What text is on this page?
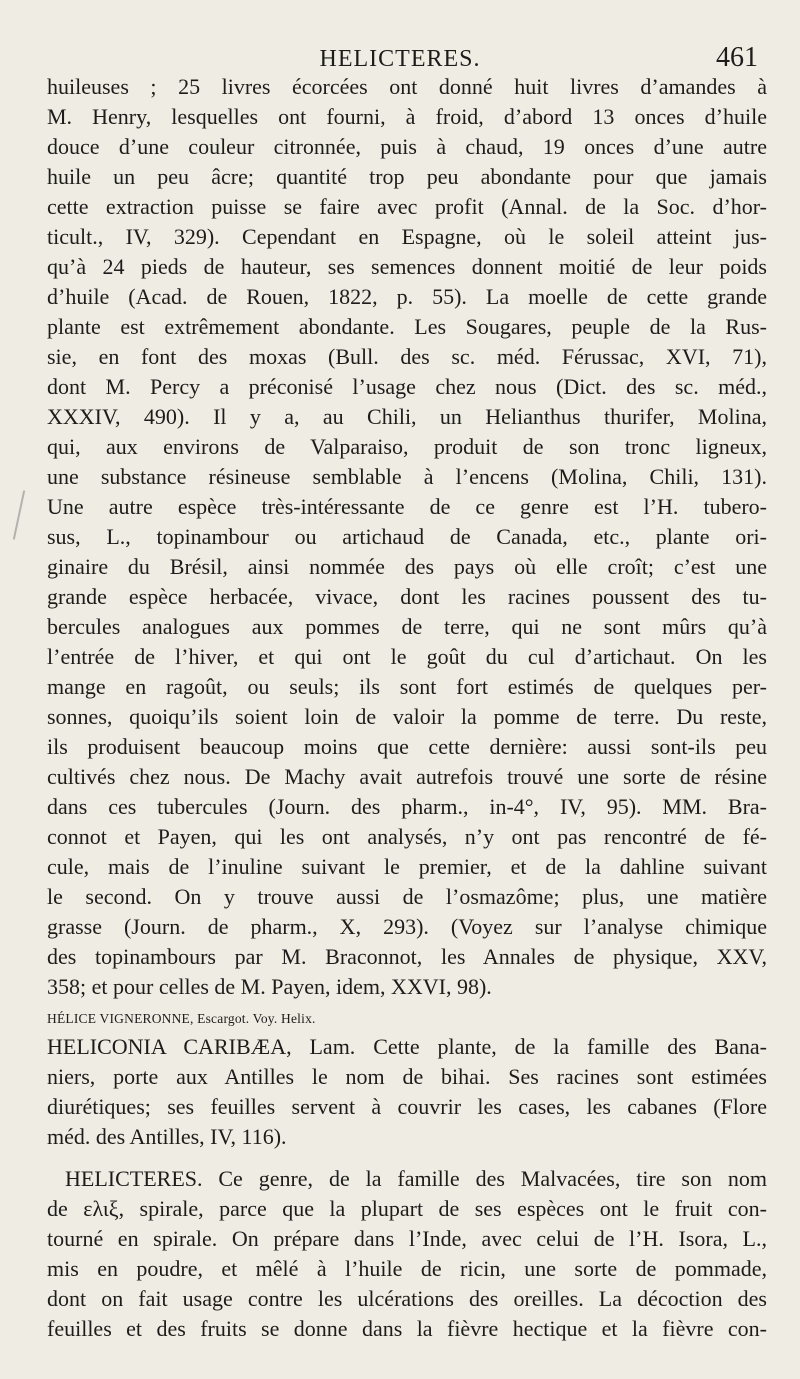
HELICTERES.	461
huileuses ; 25 livres écorcées ont donné huit livres d’amandes à
M. Henry, lesquelles ont fourni, à froid, d’abord 13 onces d’huile
douce d’une couleur citronnée, puis à chaud, 19 onces d’une autre
huile un peu âcre; quantité trop peu abondante pour que jamais
cette extraction puisse se faire avec profit (Annal. de la Soc. d’hor-
ticult., IV, 329). Cependant en Espagne, où le soleil atteint jus-
qu’à 24 pieds de hauteur, ses semences donnent moitié de leur poids
d’huile (Acad. de Rouen, 1822, p. 55). La moelle de cette grande
plante est extrêmement abondante. Les Sougares, peuple de la Rus-
sie, en font des moxas (Bull. des sc. méd. Férussac, XVI, 71),
dont M. Percy a préconisé l’usage chez nous (Dict. des sc. méd.,
XXXIV, 490). Il y a, au Chili, un Helianthus thurifer, Molina,
qui, aux environs de Valparaiso, produit de son tronc ligneux,
une substance résineuse semblable à l’encens (Molina, Chili, 131).
Une autre espèce très-intéressante de ce genre est l’H. tubero-
sus, L., topinambour ou artichaud de Canada, etc., plante ori-
ginaire du Brésil, ainsi nommée des pays où elle croît; c’est une
grande espèce herbacée, vivace, dont les racines poussent des tu-
bercules analogues aux pommes de terre, qui ne sont mûrs qu’à
l’entrée de l’hiver, et qui ont le goût du cul d’artichaut. On les
mange en ragoût, ou seuls; ils sont fort estimés de quelques per-
sonnes, quoiqu’ils soient loin de valoir la pomme de terre. Du reste,
ils produisent beaucoup moins que cette dernière: aussi sont-ils peu
cultivés chez nous. De Machy avait autrefois trouvé une sorte de résine
dans ces tubercules (Journ. des pharm., in-4°, IV, 95). MM. Bra-
connot et Payen, qui les ont analysés, n’y ont pas rencontré de fé-
cule, mais de l’inuline suivant le premier, et de la dahline suivant
le second. On y trouve aussi de l’osmazôme; plus, une matière
grasse (Journ. de pharm., X, 293). (Voyez sur l’analyse chimique
des topinambours par M. Braconnot, les Annales de physique, XXV,
358; et pour celles de M. Payen, idem, XXVI, 98).
HÉLICE VIGNERONNE, Escargot. Voy. Helix.
HELICONIA CARIBÆA, Lam. Cette plante, de la famille des Bana-
niers, porte aux Antilles le nom de bihai. Ses racines sont estimées
diurétiques; ses feuilles servent à couvrir les cases, les cabanes (Flore
méd. des Antilles, IV, 116).
HELICTERES. Ce genre, de la famille des Malvacées, tire son nom
de ελιξ, spirale, parce que la plupart de ses espèces ont le fruit con-
tourné en spirale. On prépare dans l’Inde, avec celui de l’H. Isora, L.,
mis en poudre, et mêlé à l’huile de ricin, une sorte de pommade,
dont on fait usage contre les ulcérations des oreilles. La décoction des
feuilles et des fruits se donne dans la fièvre hectique et la fièvre con-
